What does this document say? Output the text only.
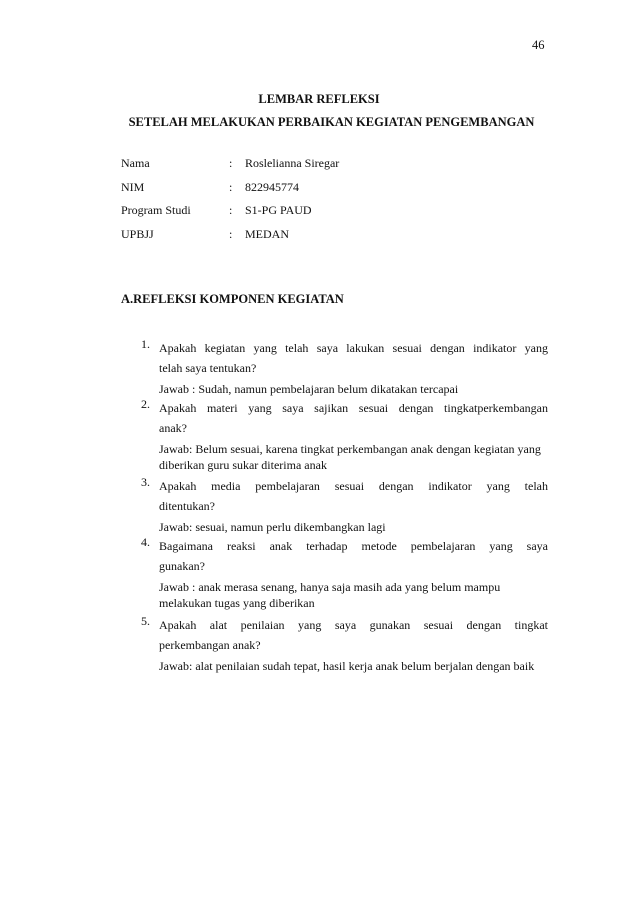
46
LEMBAR REFLEKSI
SETELAH MELAKUKAN PERBAIKAN KEGIATAN PENGEMBANGAN
Nama	: Roslelianna Siregar
NIM	: 822945774
Program Studi	: S1-PG PAUD
UPBJJ	: MEDAN
A.REFLEKSI KOMPONEN KEGIATAN
1. Apakah kegiatan yang telah saya lakukan sesuai dengan indikator yang
telah saya tentukan?
Jawab : Sudah, namun pembelajaran belum dikatakan tercapai
2. Apakah materi yang saya sajikan sesuai dengan tingkatperkembangan
anak?
Jawab: Belum sesuai, karena tingkat perkembangan anak dengan kegiatan yang diberikan guru sukar diterima anak
3. Apakah media pembelajaran sesuai dengan indikator yang telah
ditentukan?
Jawab: sesuai, namun perlu dikembangkan lagi
4. Bagaimana reaksi anak terhadap metode pembelajaran yang saya
gunakan?
Jawab : anak merasa senang, hanya saja masih ada yang belum mampu melakukan tugas yang diberikan
5. Apakah alat penilaian yang saya gunakan sesuai dengan tingkat
perkembangan anak?
Jawab: alat penilaian sudah tepat, hasil kerja anak belum berjalan dengan baik
